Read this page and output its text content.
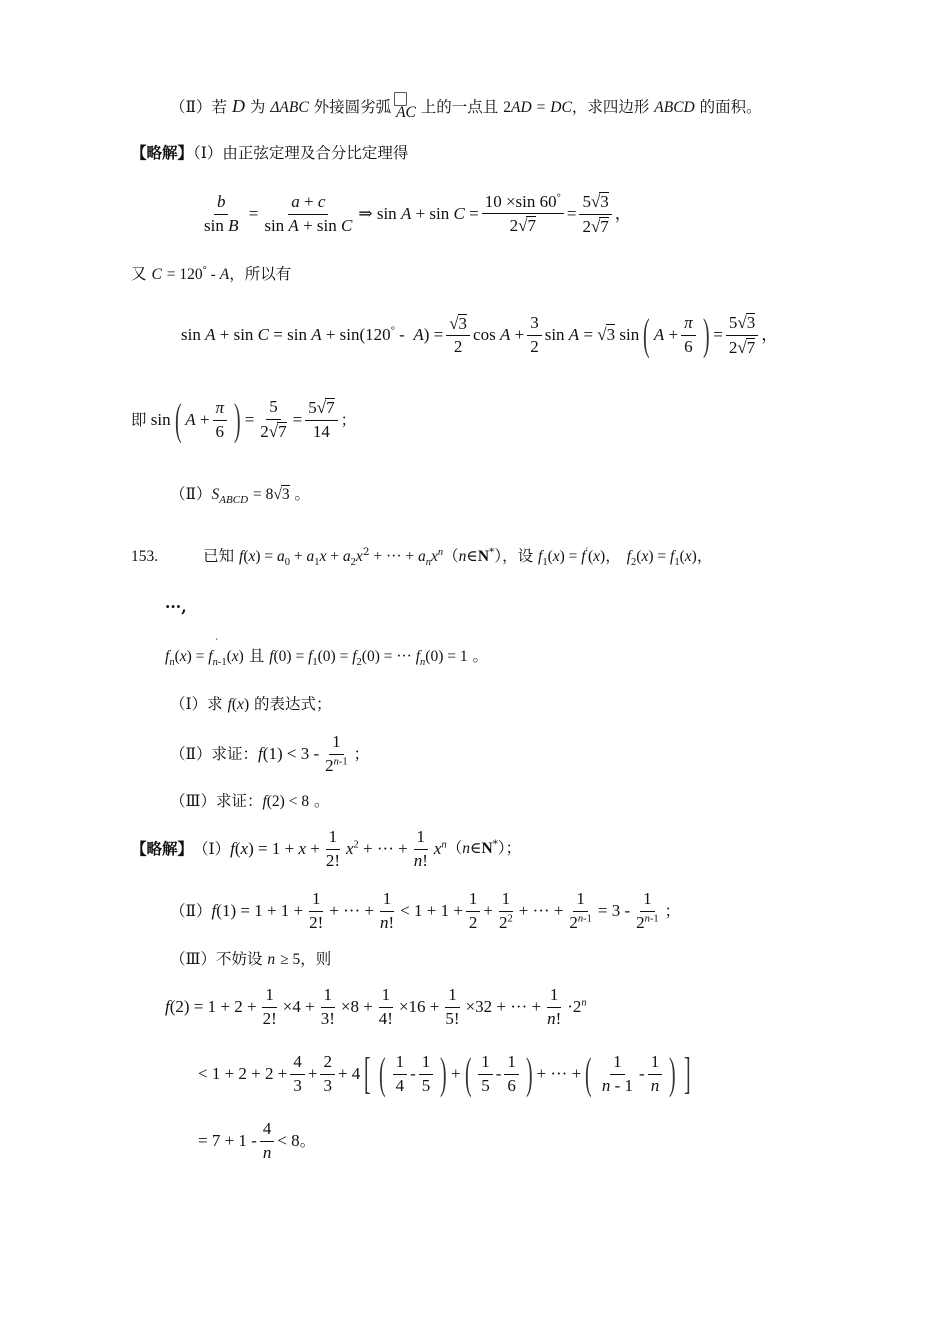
（Ⅱ）若 D 为 ΔABC 外接圆劣弧 AC
上的一点且 2AD = DC，求四边形 ABCD 的面积。
【略解】（Ⅰ）由正弦定理及合分比定理得
$\frac{b}{\text{sin B}} = \frac{a + c}{\text{sin A + sin C}}$ ⇒ $\sin A + \sin C = \frac{10 \times\sin 60^\circ}{2√7} = \frac{5√3}{2√7}$ ，
又 C = 120° - A，所以有
$\sin A + \sin C = \sin A + \sin(120^\circ - A) = \frac{√3}{2}$ $\cos A + \frac{3}{2}$ sin A = √3 sin ( A +
π
6 ) = $\frac{5√3}{2√7}$ ，
即 sin ( A +
π
6 ) = $\frac{5}{2√7} = \frac{5√7}{14}$ ；
$(Ⅱ)S_{ABCD} = 8√3$ 。
153.	已知 $f(x) = a_0 + a_1x + a_2x^2$ + ··· + $a_nx^n(n\in N^*)$，设 $f_1(x) = f'(x)$， $f_2(x) = f_1(x)$，
···,
$f_n(x) = f$
′
$_{n-1}$(x) 且 $f(0) = f_1(0) = f_2(0)$ = ··· $f_n(0) = 1$ 。
（Ⅰ）求 f(x) 的表达式；
（Ⅱ）求证： f (1) < 3 -
1
2$^{n-1}$ ；
（Ⅲ）求证：f(2) < 8 。
【略解】 （Ⅰ） f $(x) = 1 + x + \frac{1}{2!} x^2$ + ··· + $\frac{1}{n!} x^n$ （n∈N*）；
（Ⅱ） f $(1) = 1 + 1 + \frac{1}{2!}$ + ··· + $\frac{1}{n!} < 1 + 1 + \frac{1}{2} + \frac{1}{2^2}$ + ··· + $\frac{1}{2^{n-1}} = 3$ -
1
2$^{n-1}$ ；
（Ⅲ）不妨设 n ≥ 5，则
f $(2) = 1 + 2 + \frac{1}{2!} \times 4 + \frac{1}{3!} \times 8 + \frac{1}{4!} \times 16 + \frac{1}{5!} \times 32$ + ··· + $\frac{1}{n!} \cdot 2^n$
< $1 + 2 + 2 + \frac{4}{3} + \frac{2}{3} + 4$ [ ( 1
4
-
1
5 ) + ( 1
5
-
1
6 ) + ··· + ( 1
n - 1
-
1
n ) ]
= 7 + 1 -
4
n
< 8 。
